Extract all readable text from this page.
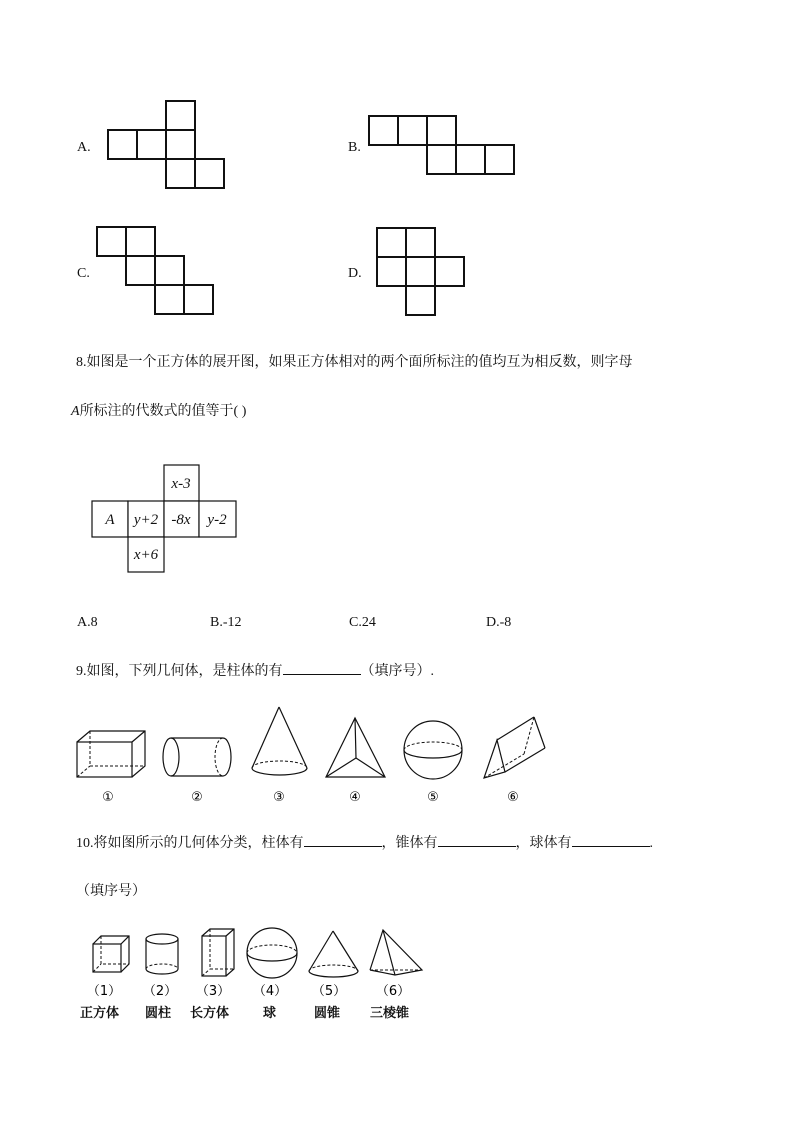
A.	B.
C.	D.
8.如图是一个正方体的展开图，如果正方体相对的两个面所标注的值均互为相反数，则字母
A所标注的代数式的值等于( )
x-3
A y+2 -8x y-2
x+6
A.8	B.-12	C.24	D.-8
9.如图，下列几何体，是柱体的有	（填序号）.
①	②	③	④	⑤	⑥
10.将如图所示的几何体分类，柱体有	，锥体有	，球体有	.
（填序号）
（1） （2） （3） （4） （5） （6）
正方体 圆柱 长方体	球	圆锥 三棱锥
